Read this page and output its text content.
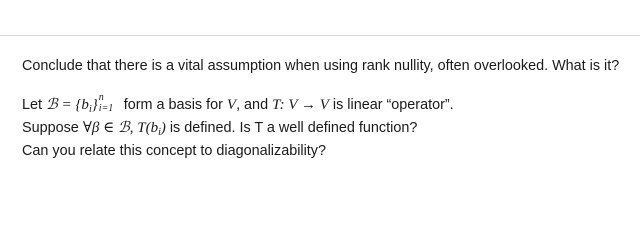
Conclude that there is a vital assumption when using rank nullity, often overlooked. What is it?

Let ℬ = $\{b_i\}$ n
i=1 form a basis for V, and T: V → V is linear “operator”.

Suppose ∀β ∈ ℬ, $T(b_i)$ is defined. Is T a well defined function?

Can you relate this concept to diagonalizability?
